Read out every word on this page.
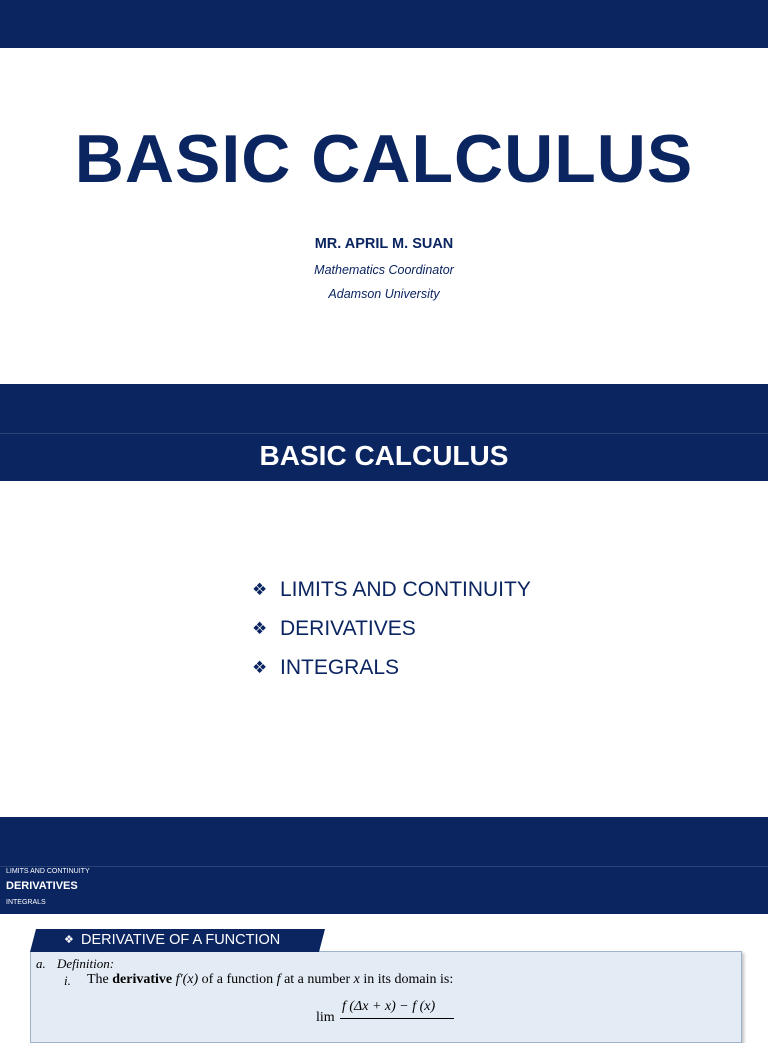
BASIC CALCULUS
MR. APRIL M. SUAN
Mathematics Coordinator
Adamson University
BASIC CALCULUS
❖ LIMITS AND CONTINUITY
❖ DERIVATIVES
❖ INTEGRALS
LIMITS AND CONTINUITY
DERIVATIVES
INTEGRALS
❖ DERIVATIVE OF A FUNCTION
a. Definition:
i. The derivative f′(x) of a function f at a number x in its domain is:
f (Δx + x) − f (x)
lim
